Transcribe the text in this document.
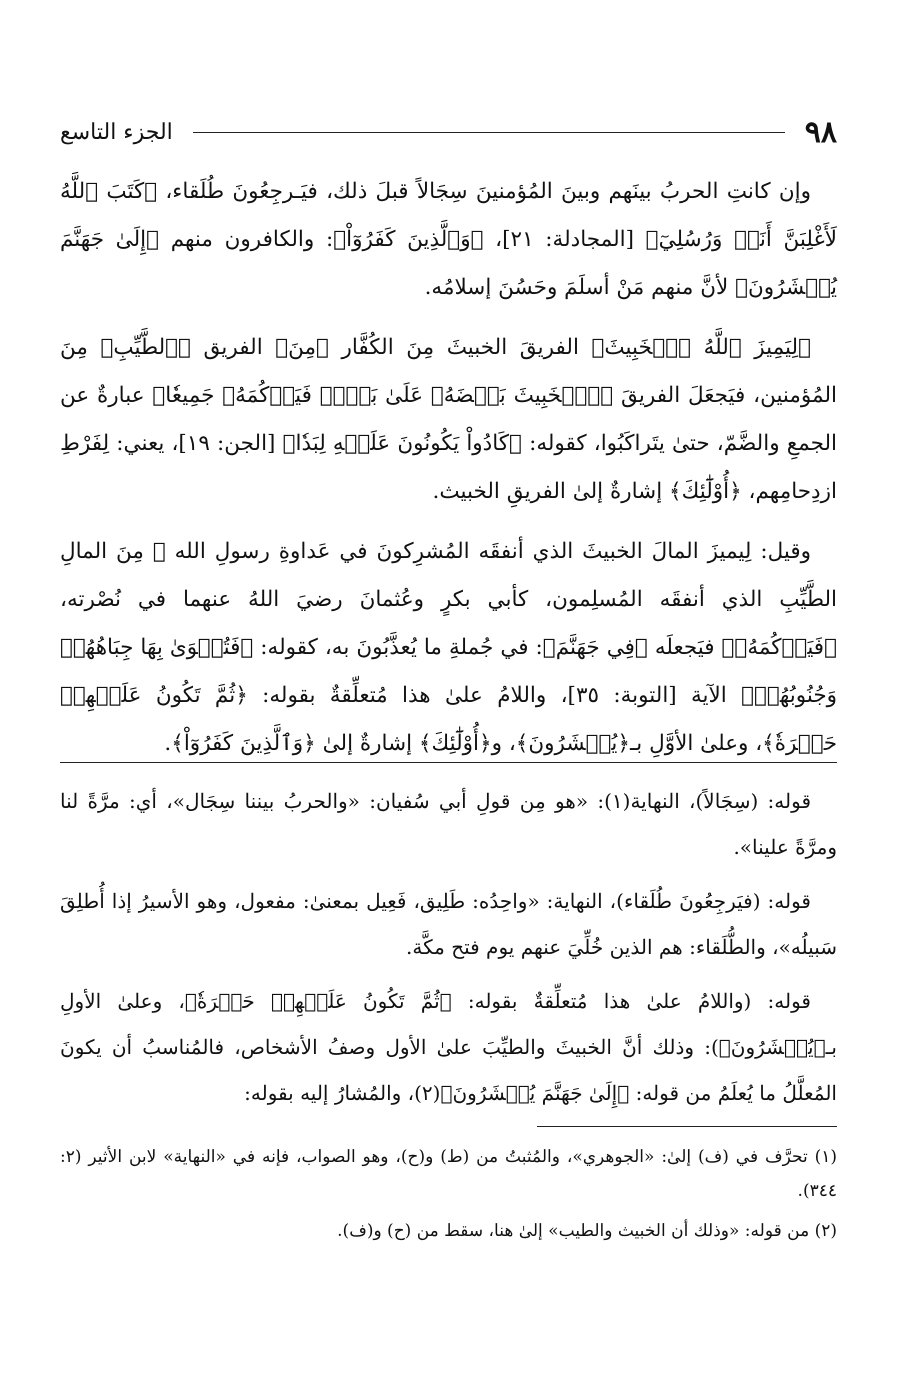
٩٨
الجزء التاسع

وإن كانتِ الحربُ بينَهم وبينَ المُؤمنينَ سِجَالاً قبلَ ذلك، فيَـرجِعُونَ طُلَقاء، ﴿كَتَبَ ٱللَّهُ لَأَغْلِبَنَّ أَنَا۠ وَرُسُلِيٓ﴾ [المجادلة: ٢١]، ﴿وَٱلَّذِينَ كَفَرُوٓاْ﴾: والكافرون منهم ﴿إِلَىٰ جَهَنَّمَ يُحۡشَرُونَ﴾ لأنَّ منهم مَنْ أسلَمَ وحَسُنَ إسلامُه.

﴿لِيَمِيزَ ٱللَّهُ ٱلۡخَبِيثَ﴾ الفريقَ الخبيثَ مِنَ الكُفَّار ﴿مِنَ﴾ الفريق ﴿ٱلطَّيِّبِ﴾ مِنَ المُؤمنين، فيَجعَلَ الفريقَ ﴿ٱلۡخَبِيثَ بَعۡضَهُۥ عَلَىٰ بَعۡضٖ فَيَرۡكُمَهُۥ جَمِيعٗا﴾ عبارةٌ عن الجمعِ والضَّمّ، حتىٰ يتَراكَبُوا، كقوله: ﴿كَادُواْ يَكُونُونَ عَلَيۡهِ لِبَدٗا﴾ [الجن: ١٩]، يعني: لِفَرْطِ ازدِحامِهم، ﴿أُوْلَٰٓئِكَ﴾ إشارةٌ إلىٰ الفريقِ الخبيث.

وقيل: لِيميزَ المالَ الخبيثَ الذي أنفقَه المُشرِكونَ في عَداوةِ رسولِ الله ﷺ مِنَ المالِ الطَّيِّبِ الذي أنفقَه المُسلِمون، كأبي بكرٍ وعُثمانَ رضيَ اللهُ عنهما في نُصْرته، ﴿فَيَرۡكُمَهُۥ﴾ فيَجعلَه ﴿فِي جَهَنَّمَ﴾: في جُملةِ ما يُعذَّبُونَ به، كقوله: ﴿فَتُكۡوَىٰ بِهَا جِبَاهُهُمۡ وَجُنُوبُهُمۡ﴾ الآية [التوبة: ٣٥]، واللامُ علىٰ هذا مُتعلِّقةٌ بقوله: ﴿ثُمَّ تَكُونُ عَلَيۡهِمۡ حَسۡرَةٗ﴾، وعلىٰ الأوَّلِ بـ﴿يُحۡشَرُونَ﴾، و﴿أُوْلَٰٓئِكَ﴾ إشارةٌ إلىٰ ﴿وَٱلَّذِينَ كَفَرُوٓاْ﴾.

قوله: (سِجَالاً)، النهاية(١): «هو مِن قولِ أبي سُفيان: «والحربُ بيننا سِجَال»، أي: مرَّةً لنا ومرَّةً علينا».

قوله: (فيَرجِعُونَ طُلَقاء)، النهاية: «واحِدُه: طَلِيق، فَعِيل بمعنىٰ: مفعول، وهو الأسيرُ إذا أُطلِقَ سَبيلُه»، والطُّلَقاء: هم الذين خُلِّيَ عنهم يوم فتح مكَّة.

قوله: (واللامُ علىٰ هذا مُتعلِّقةٌ بقوله: ﴿ثُمَّ تَكُونُ عَلَيۡهِمۡ حَسۡرَةٗ﴾، وعلىٰ الأولِ بـ﴿يُحۡشَرُونَ﴾): وذلك أنَّ الخبيثَ والطيِّبَ علىٰ الأول وصفُ الأشخاص، فالمُناسبُ أن يكونَ المُعلَّلُ ما يُعلَمُ من قوله: ﴿إِلَىٰ جَهَنَّمَ يُحۡشَرُونَ﴾(٢)، والمُشارُ إليه بقوله:

(١) تحرَّف في (ف) إلىٰ: «الجوهري»، والمُثبتُ من (ط) و(ح)، وهو الصواب، فإنه في «النهاية» لابن الأثير (٢: ٣٤٤).

(٢) من قوله: «وذلك أن الخبيث والطيب» إلىٰ هنا، سقط من (ح) و(ف).
